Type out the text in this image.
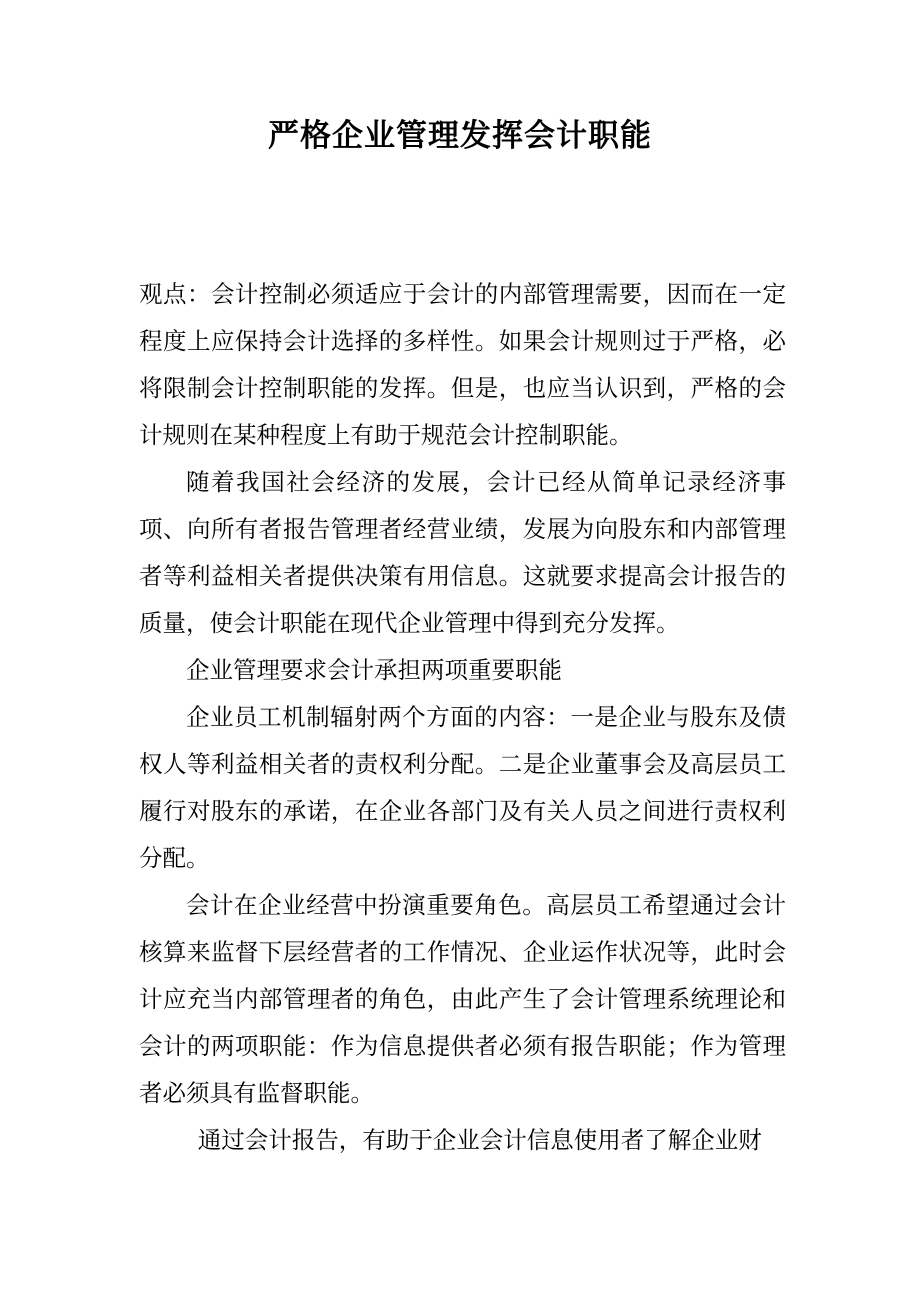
严格企业管理发挥会计职能

观点：会计控制必须适应于会计的内部管理需要，因而在一定程度上应保持会计选择的多样性。如果会计规则过于严格，必将限制会计控制职能的发挥。但是，也应当认识到，严格的会计规则在某种程度上有助于规范会计控制职能。

随着我国社会经济的发展，会计已经从简单记录经济事项、向所有者报告管理者经营业绩，发展为向股东和内部管理者等利益相关者提供决策有用信息。这就要求提高会计报告的质量，使会计职能在现代企业管理中得到充分发挥。

企业管理要求会计承担两项重要职能

企业员工机制辐射两个方面的内容：一是企业与股东及债权人等利益相关者的责权利分配。二是企业董事会及高层员工履行对股东的承诺，在企业各部门及有关人员之间进行责权利分配。

会计在企业经营中扮演重要角色。高层员工希望通过会计核算来监督下层经营者的工作情况、企业运作状况等，此时会计应充当内部管理者的角色，由此产生了会计管理系统理论和会计的两项职能：作为信息提供者必须有报告职能；作为管理者必须具有监督职能。

通过会计报告，有助于企业会计信息使用者了解企业财
